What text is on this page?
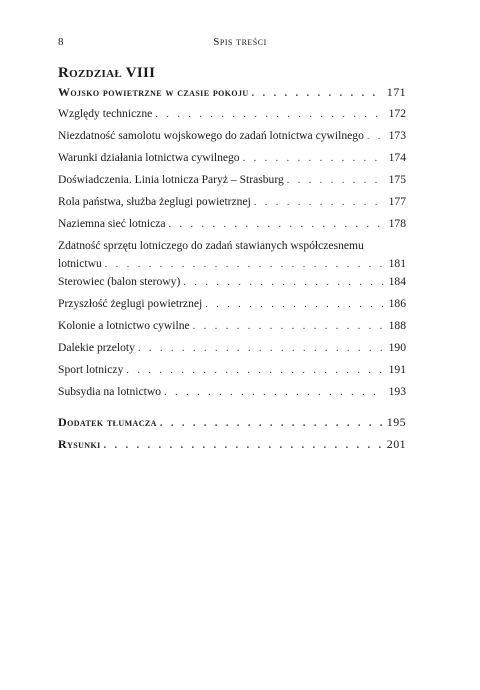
8	Spis treści
Rozdział VIII
Wojsko powietrzne w czasie pokoju . . .	171
Względy techniczne . . .	172
Niezdatność samolotu wojskowego do zadań lotnictwa cywilnego . . . 173
Warunki działania lotnictwa cywilnego . . .	174
Doświadczenia. Linia lotnicza Paryż – Strasburg . . .	175
Rola państwa, służba żeglugi powietrznej . . .	177
Naziemna sieć lotnicza . . .	178
Zdatność sprzętu lotniczego do zadań stawianych współczesnemu
lotnictwu . . .	181
Sterowiec (balon sterowy) . . .	184
Przyszłość żeglugi powietrznej . . .	186
Kolonie a lotnictwo cywilne . . .	188
Dalekie przeloty . . .	190
Sport lotniczy . . .	191
Subsydia na lotnictwo . . .	193
Dodatek tłumacza . . .	195
Rysunki . . .	201
